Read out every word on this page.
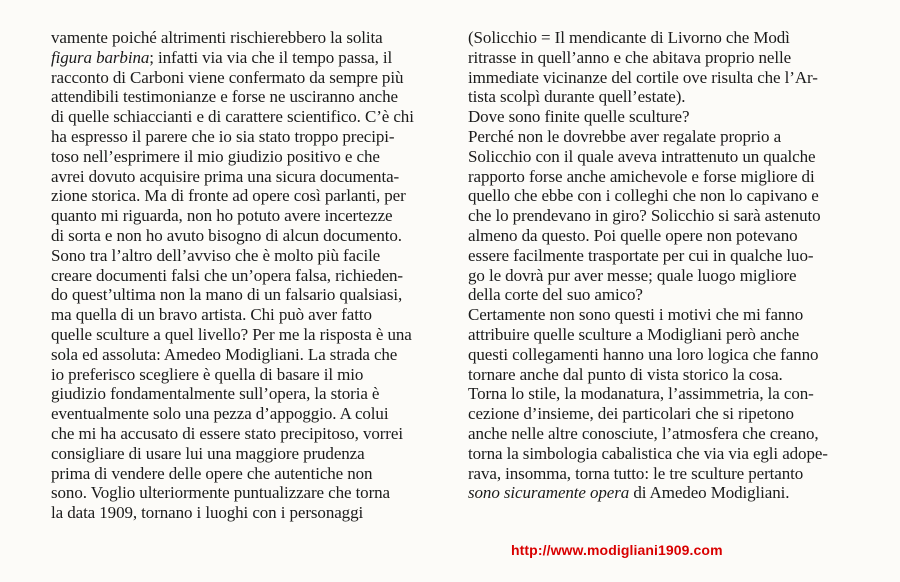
vamente poiché altrimenti rischierebbero la solita
figura barbina; infatti via via che il tempo passa, il
racconto di Carboni viene confermato da sempre più
attendibili testimonianze e forse ne usciranno anche
di quelle schiaccianti e di carattere scientifico. C’è chi
ha espresso il parere che io sia stato troppo precipi-
toso nell’esprimere il mio giudizio positivo e che
avrei dovuto acquisire prima una sicura documenta-
zione storica. Ma di fronte ad opere così parlanti, per
quanto mi riguarda, non ho potuto avere incertezze
di sorta e non ho avuto bisogno di alcun documento.
Sono tra l’altro dell’avviso che è molto più facile
creare documenti falsi che un’opera falsa, richieden-
do quest’ultima non la mano di un falsario qualsiasi,
ma quella di un bravo artista. Chi può aver fatto
quelle sculture a quel livello? Per me la risposta è una
sola ed assoluta: Amedeo Modigliani. La strada che
io preferisco scegliere è quella di basare il mio
giudizio fondamentalmente sull’opera, la storia è
eventualmente solo una pezza d’appoggio. A colui
che mi ha accusato di essere stato precipitoso, vorrei
consigliare di usare lui una maggiore prudenza
prima di vendere delle opere che autentiche non
sono. Voglio ulteriormente puntualizzare che torna
la data 1909, tornano i luoghi con i personaggi
(Solicchio = Il mendicante di Livorno che Modì
ritrasse in quell’anno e che abitava proprio nelle
immediate vicinanze del cortile ove risulta che l’Ar-
tista scolpì durante quell’estate).
Dove sono finite quelle sculture?
Perché non le dovrebbe aver regalate proprio a
Solicchio con il quale aveva intrattenuto un qualche
rapporto forse anche amichevole e forse migliore di
quello che ebbe con i colleghi che non lo capivano e
che lo prendevano in giro? Solicchio si sarà astenuto
almeno da questo. Poi quelle opere non potevano
essere facilmente trasportate per cui in qualche luo-
go le dovrà pur aver messe; quale luogo migliore
della corte del suo amico?
Certamente non sono questi i motivi che mi fanno
attribuire quelle sculture a Modigliani però anche
questi collegamenti hanno una loro logica che fanno
tornare anche dal punto di vista storico la cosa.
Torna lo stile, la modanatura, l’assimmetria, la con-
cezione d’insieme, dei particolari che si ripetono
anche nelle altre conosciute, l’atmosfera che creano,
torna la simbologia cabalistica che via via egli adope-
rava, insomma, torna tutto: le tre sculture pertanto
sono sicuramente opera di Amedeo Modigliani.
http://www.modigliani1909.com
